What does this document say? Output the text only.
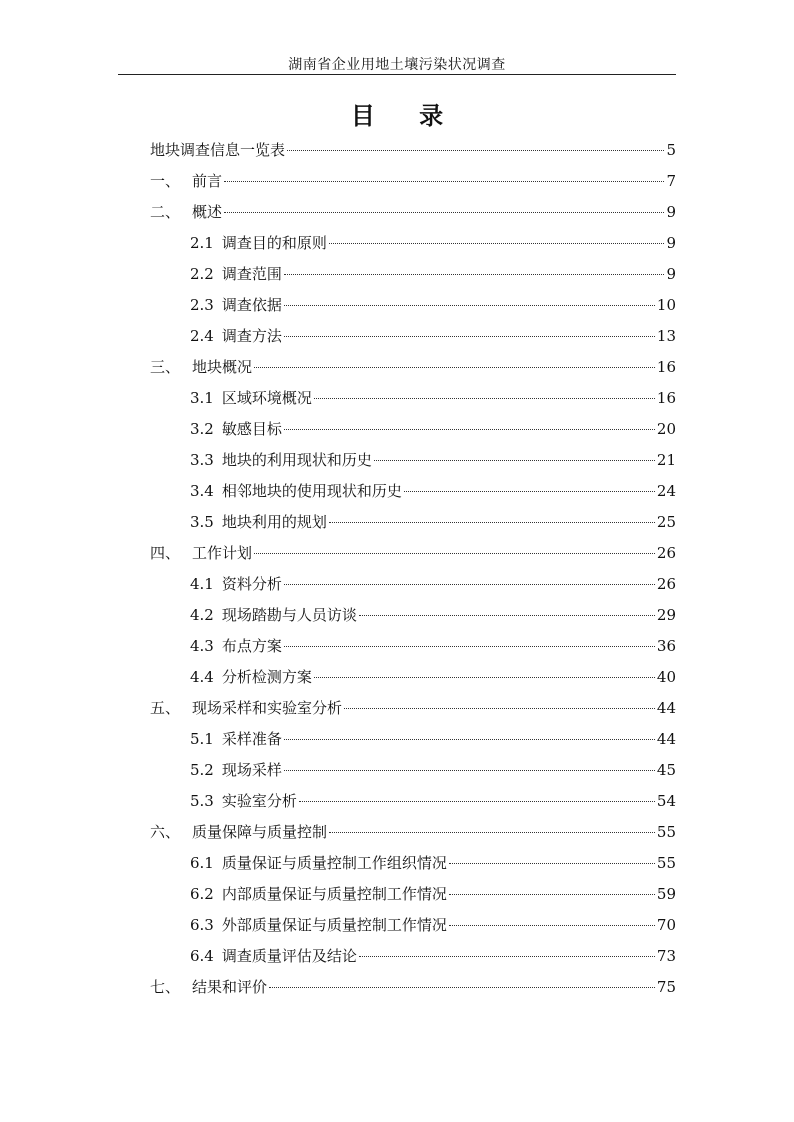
湖南省企业用地土壤污染状况调查
目 录
地块调查信息一览表	5
一、 前言	7
二、 概述	9
2.1 调查目的和原则	9
2.2 调查范围	9
2.3 调查依据	10
2.4 调查方法	13
三、 地块概况	16
3.1 区域环境概况	16
3.2 敏感目标	20
3.3 地块的利用现状和历史	21
3.4 相邻地块的使用现状和历史	24
3.5 地块利用的规划	25
四、 工作计划	26
4.1 资料分析	26
4.2 现场踏勘与人员访谈	29
4.3 布点方案	36
4.4 分析检测方案	40
五、 现场采样和实验室分析	44
5.1 采样准备	44
5.2 现场采样	45
5.3 实验室分析	54
六、 质量保障与质量控制	55
6.1 质量保证与质量控制工作组织情况	55
6.2 内部质量保证与质量控制工作情况	59
6.3 外部质量保证与质量控制工作情况	70
6.4 调查质量评估及结论	73
七、 结果和评价	75
